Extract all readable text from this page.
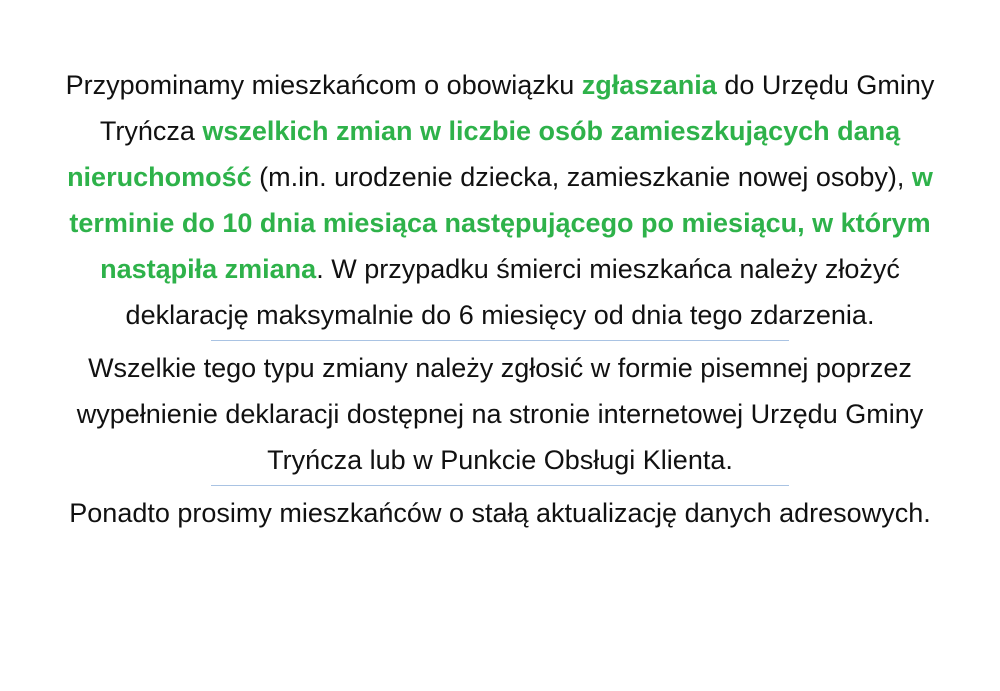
Przypominamy mieszkańcom o obowiązku zgłaszania do Urzędu Gminy Tryńcza wszelkich zmian w liczbie osób zamieszkujących daną nieruchomość (m.in. urodzenie dziecka, zamieszkanie nowej osoby), w terminie do 10 dnia miesiąca następującego po miesiącu, w którym nastąpiła zmiana. W przypadku śmierci mieszkańca należy złożyć deklarację maksymalnie do 6 miesięcy od dnia tego zdarzenia.

Wszelkie tego typu zmiany należy zgłosić w formie pisemnej poprzez wypełnienie deklaracji dostępnej na stronie internetowej Urzędu Gminy Tryńcza lub w Punkcie Obsługi Klienta.

Ponadto prosimy mieszkańców o stałą aktualizację danych adresowych.
